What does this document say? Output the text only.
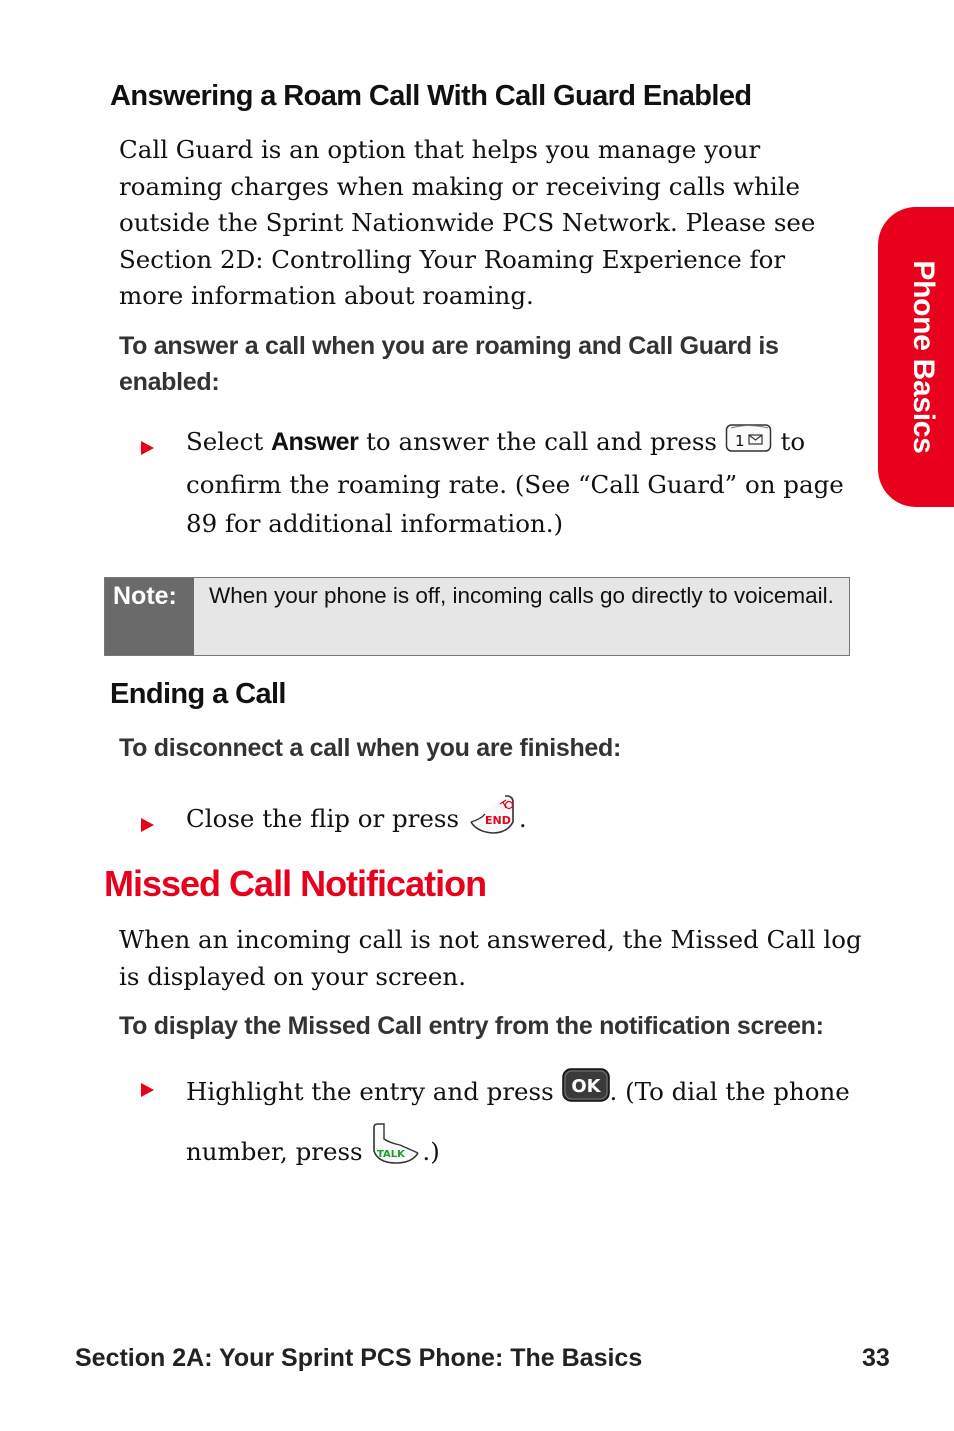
Phone Basics
Answering a Roam Call With Call Guard Enabled

Call Guard is an option that helps you manage your roaming charges when making or receiving calls while outside the Sprint Nationwide PCS Network. Please see Section 2D: Controlling Your Roaming Experience for more information about roaming.

To answer a call when you are roaming and Call Guard is enabled:

Select Answer to answer the call and press 1 to confirm the roaming rate. (See “Call Guard” on page 89 for additional information.)

Note:	When your phone is off, incoming calls go directly to voicemail.

Ending a Call

To disconnect a call when you are finished:

Close the flip or press END .

Missed Call Notification

When an incoming call is not answered, the Missed Call log is displayed on your screen.

To display the Missed Call entry from the notification screen:

Highlight the entry and press OK . (To dial the phone number, press TALK .)

Section 2A: Your Sprint PCS Phone: The Basics	33
